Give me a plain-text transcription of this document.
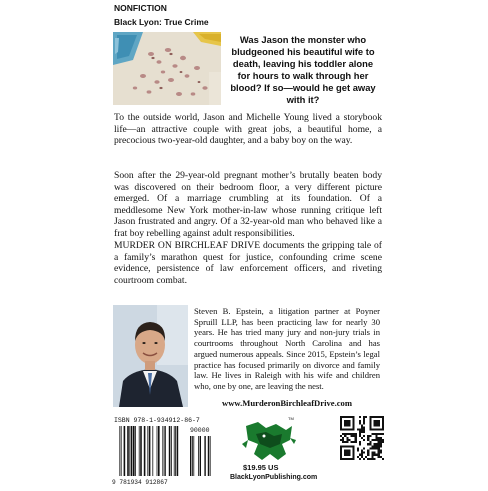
NONFICTION
Black Lyon: True Crime
Was Jason the monster who bludgeoned his beautiful wife to death, leaving his toddler alone for hours to walk through her blood? If so—would he get away with it?

To the outside world, Jason and Michelle Young lived a storybook life—an attractive couple with great jobs, a beautiful home, a precocious two-year-old daughter, and a baby boy on the way.

Soon after the 29-year-old pregnant mother’s brutally beaten body was discovered on their bedroom floor, a very different picture emerged. Of a marriage crumbling at its foundation. Of a meddlesome New York mother-in-law whose running critique left Jason frustrated and angry. Of a 32-year-old man who behaved like a frat boy rebelling against adult responsibilities.

MURDER ON BIRCHLEAF DRIVE documents the gripping tale of a family’s marathon quest for justice, confounding crime scene evidence, persistence of law enforcement officers, and riveting courtroom combat.

Steven B. Epstein, a litigation partner at Poyner Spruill LLP, has been practicing law for nearly 30 years. He has tried many jury and non-jury trials in courtrooms throughout North Carolina and has argued numerous appeals. Since 2015, Epstein’s legal practice has focused primarily on divorce and family law. He lives in Raleigh with his wife and children who, one by one, are leaving the nest.

www.MurderonBirchleafDrive.com
ISBN 978-1-934912-86-7
90000
9 781934 912867
TM
$19.95 US
BlackLyonPublishing.com
